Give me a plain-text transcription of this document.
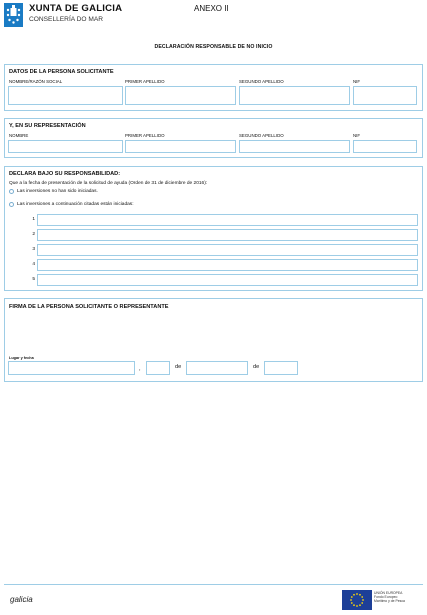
XUNTA DE GALICIA
CONSELLERÍA DO MAR
ANEXO II
DECLARACIÓN RESPONSABLE DE NO INICIO
DATOS DE LA PERSONA SOLICITANTE
NOMBRE/RAZÓN SOCIAL	PRIMER APELLIDO	SEGUNDO APELLIDO	NIF
Y, EN SU REPRESENTACIÓN
NOMBRE	PRIMER APELLIDO	SEGUNDO APELLIDO	NIF
DECLARA BAJO SU RESPONSABILIDAD:
Que a la fecha de presentación de la solicitud de ayuda (Orden de 31 de diciembre de 2016):
Las inversiones no han sido iniciadas.
Las inversiones a continuación citadas están iniciadas:
1
2
3
4
5
FIRMA DE LA PERSONA SOLICITANTE O REPRESENTANTE
Lugar y fecha
,	de	de
galicia
UNIÓN EUROPEA
Fondo Europeo
Marítimo y de Pesca
